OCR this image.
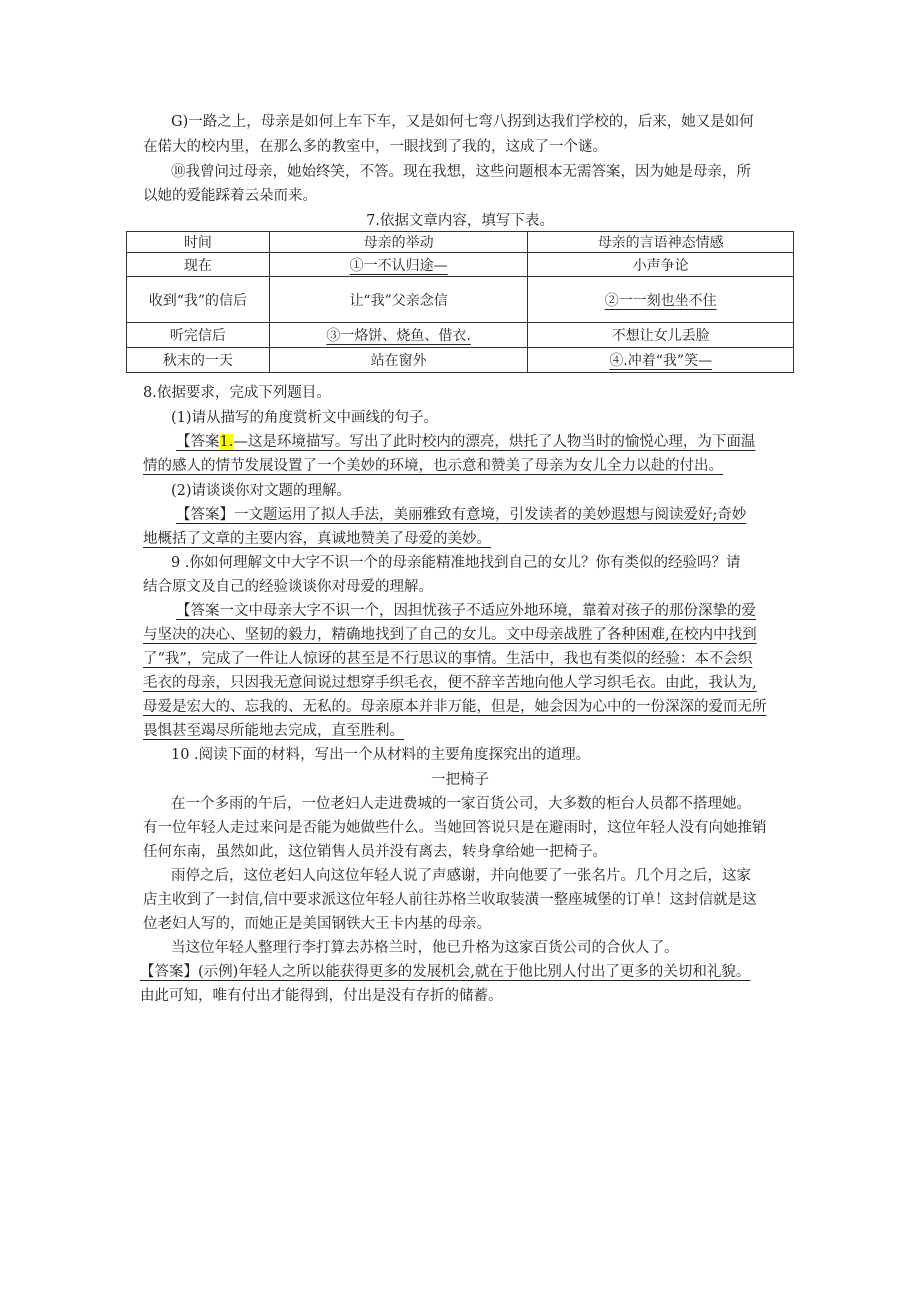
G)一路之上，母亲是如何上车下车，又是如何七弯八拐到达我们学校的，后来，她又是如何
在偌大的校内里，在那么多的教室中，一眼找到了我的，这成了一个谜。
⑩我曾问过母亲，她始终笑，不答。现在我想，这些问题根本无需答案，因为她是母亲，所
以她的爱能踩着云朵而来。
7.依据文章内容，填写下表。
时间	母亲的举动	母亲的言语神态情感
现在	①一不认归途—	小声争论
收到“我”的信后	让“我”父亲念信	②一一刻也坐不住
听完信后	③一烙饼、烧鱼、借衣.	不想让女儿丢脸
秋末的一天	站在窗外	④.冲着“我”笑—
8.依据要求，完成下列题目。
(1)请从描写的角度赏析文中画线的句子。
【答案1.—这是环境描写。写出了此时校内的漂亮，烘托了人物当时的愉悦心理，为下面温
情的感人的情节发展设置了一个美妙的环境，也示意和赞美了母亲为女儿全力以赴的付出。
(2)请谈谈你对文题的理解。
【答案】一文题运用了拟人手法，美丽雅致有意境，引发读者的美妙遐想与阅读爱好;奇妙
地概括了文章的主要内容，真诚地赞美了母爱的美妙。
9 .你如何理解文中大字不识一个的母亲能精准地找到自己的女儿？你有类似的经验吗？请
结合原文及自己的经验谈谈你对母爱的理解。
【答案一文中母亲大字不识一个，因担忧孩子不适应外地环境，靠着对孩子的那份深挚的爱
与坚决的决心、坚韧的毅力，精确地找到了自己的女儿。文中母亲战胜了各种困难,在校内中找到
了“我”，完成了一件让人惊讶的甚至是不行思议的事情。生活中，我也有类似的经验：本不会织
毛衣的母亲，只因我无意间说过想穿手织毛衣，便不辞辛苦地向他人学习织毛衣。由此，我认为,
母爱是宏大的、忘我的、无私的。母亲原本并非万能，但是，她会因为心中的一份深深的爱而无所
畏惧甚至竭尽所能地去完成，直至胜利。
10 .阅读下面的材料，写出一个从材料的主要角度探究出的道理。
一把椅子
在一个多雨的午后，一位老妇人走进费城的一家百货公司，大多数的柜台人员都不搭理她。
有一位年轻人走过来问是否能为她做些什么。当她回答说只是在避雨时，这位年轻人没有向她推销
任何东南，虽然如此，这位销售人员并没有离去，转身拿给她一把椅子。
雨停之后，这位老妇人向这位年轻人说了声感谢，并向他要了一张名片。几个月之后，这家
店主收到了一封信,信中要求派这位年轻人前往苏格兰收取装潢一整座城堡的订单！这封信就是这
位老妇人写的，而她正是美国钢铁大王卡内基的母亲。
当这位年轻人整理行李打算去苏格兰时，他已升格为这家百货公司的合伙人了。
【答案】(示例)年轻人之所以能获得更多的发展机会,就在于他比别人付出了更多的关切和礼貌。
由此可知，唯有付出才能得到，付出是没有存折的储蓄。
